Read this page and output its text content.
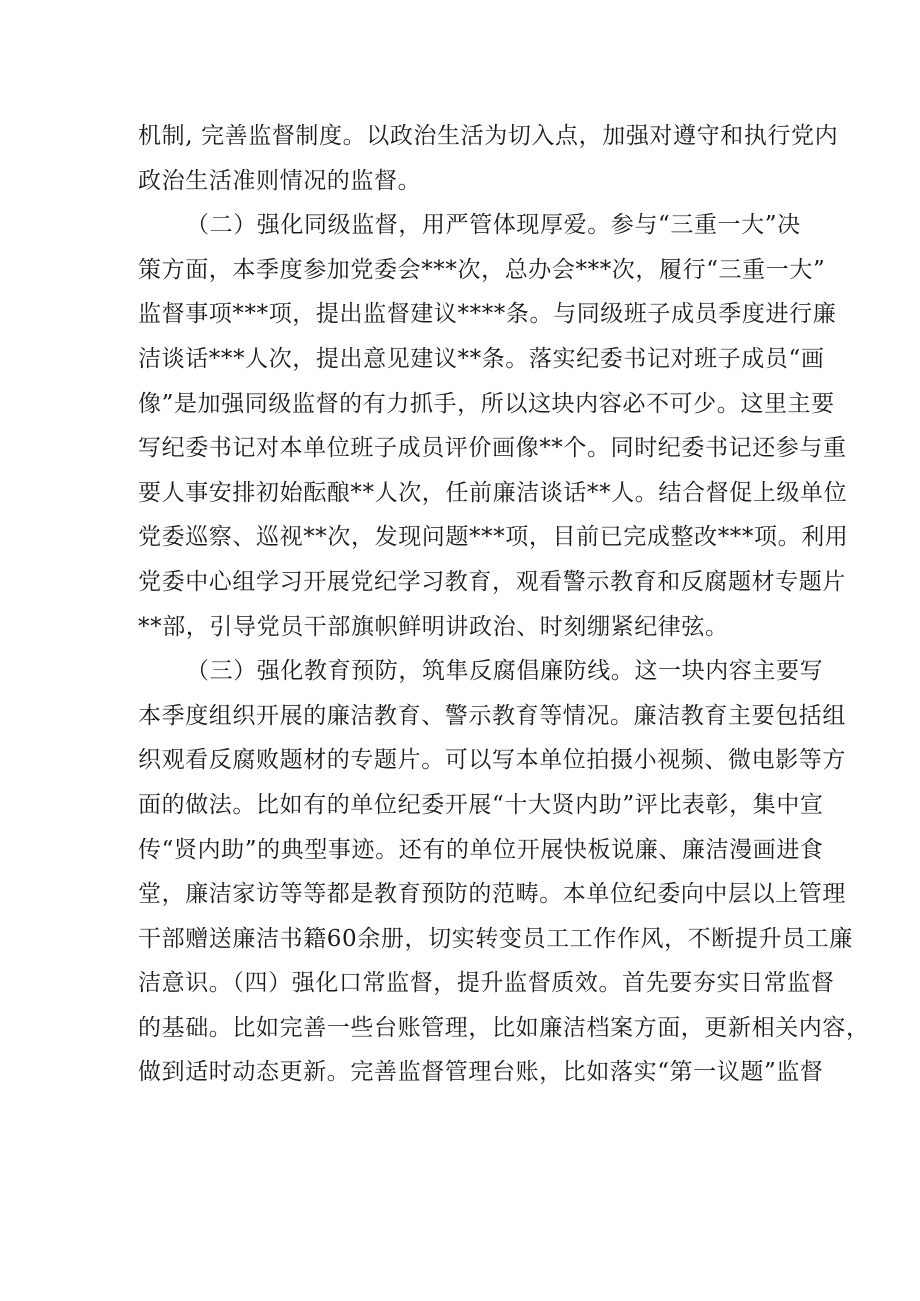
机制, 完善监督制度。以政治生活为切入点，加强对遵守和执行党内
政治生活准则情况的监督。
（二）强化同级监督，用严管体现厚爱。参与“三重一大”决
策方面，本季度参加党委会***次，总办会***次，履行“三重一大”
监督事项***项，提出监督建议****条。与同级班子成员季度进行廉
洁谈话***人次，提出意见建议**条。落实纪委书记对班子成员“画
像”是加强同级监督的有力抓手，所以这块内容必不可少。这里主要
写纪委书记对本单位班子成员评价画像**个。同时纪委书记还参与重
要人事安排初始酝酿**人次，任前廉洁谈话**人。结合督促上级单位
党委巡察、巡视**次，发现问题***项，目前已完成整改***项。利用
党委中心组学习开展党纪学习教育，观看警示教育和反腐题材专题片
**部，引导党员干部旗帜鲜明讲政治、时刻绷紧纪律弦。
（三）强化教育预防，筑隼反腐倡廉防线。这一块内容主要写
本季度组织开展的廉洁教育、警示教育等情况。廉洁教育主要包括组
织观看反腐败题材的专题片。可以写本单位拍摄小视频、微电影等方
面的做法。比如有的单位纪委开展“十大贤内助”评比表彰，集中宣
传“贤内助”的典型事迹。还有的单位开展快板说廉、廉洁漫画进食
堂，廉洁家访等等都是教育预防的范畴。本单位纪委向中层以上管理
干部赠送廉洁书籍60余册，切实转变员工工作作风，不断提升员工廉
洁意识。（四）强化口常监督，提升监督质效。首先要夯实日常监督
的基础。比如完善一些台账管理，比如廉洁档案方面，更新相关内容，
做到适时动态更新。完善监督管理台账，比如落实“第一议题”监督
